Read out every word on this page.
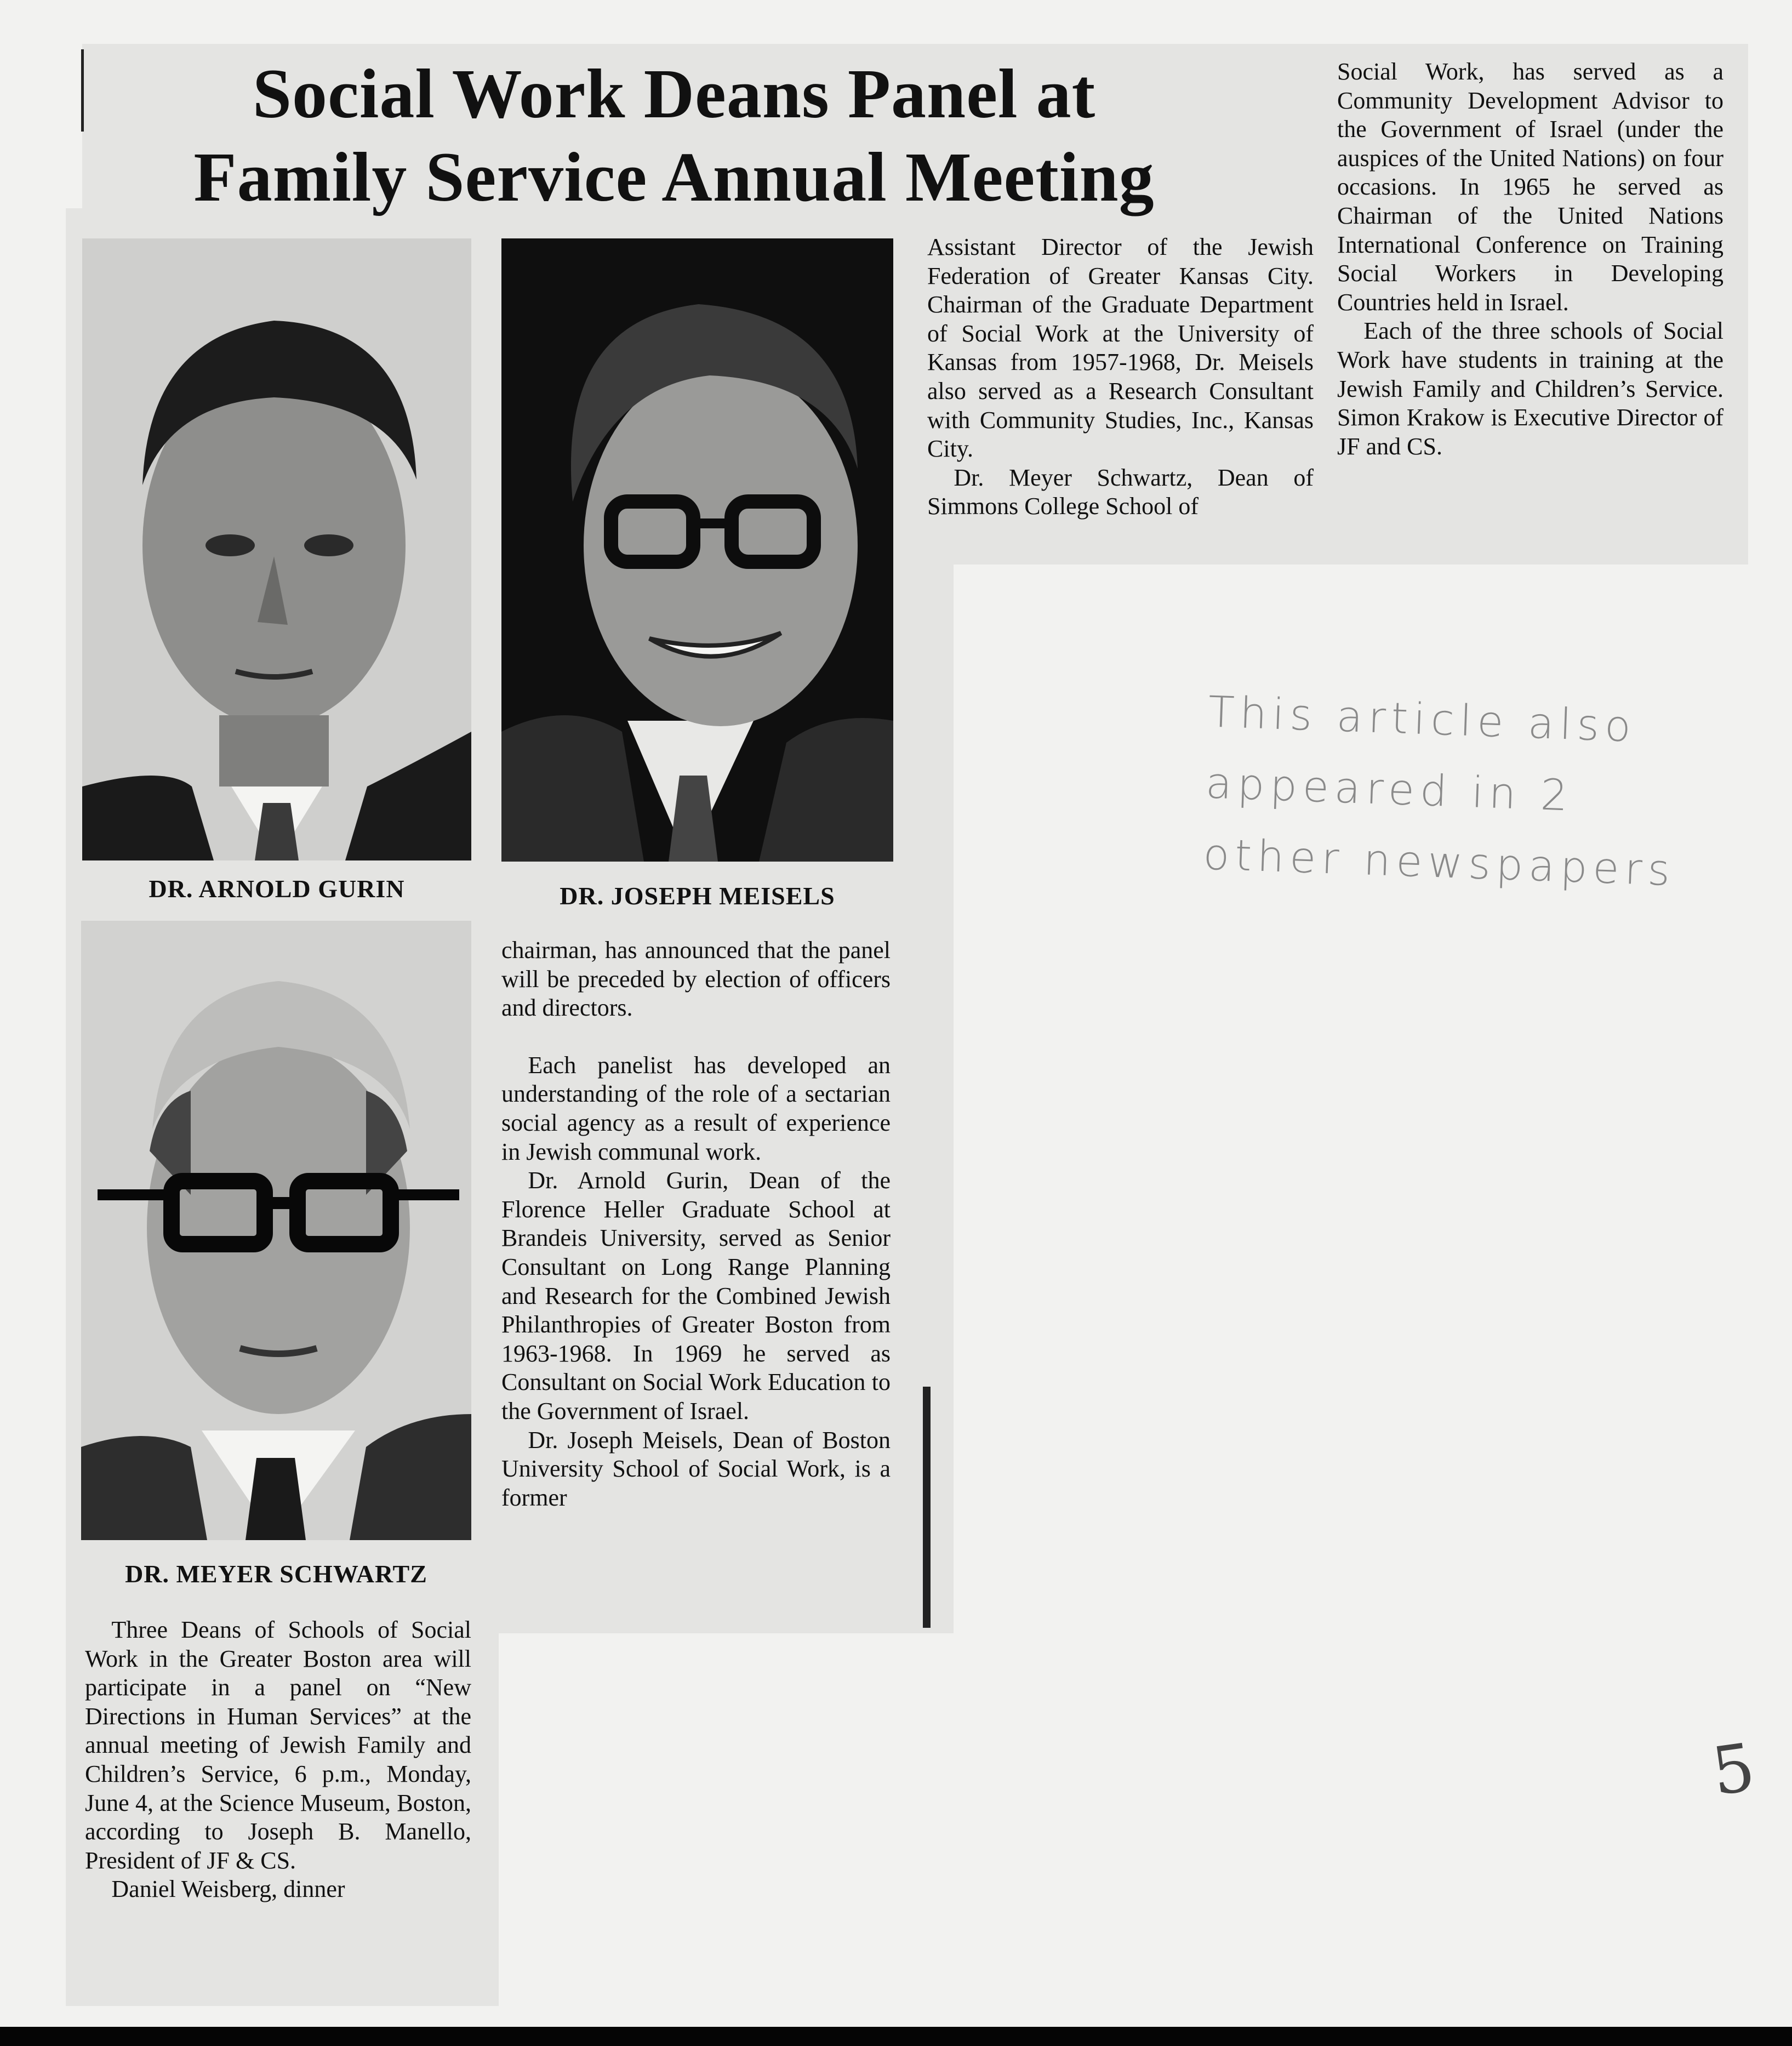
Social Work Deans Panel at
Family Service Annual Meeting
DR. ARNOLD GURIN	DR. JOSEPH MEISELS
DR. MEYER SCHWARTZ

Three Deans of Schools of Social Work in the Greater Boston area will participate in a panel on “New Directions in Human Services” at the annual meeting of Jewish Family and Children’s Service, 6 p.m., Monday, June 4, at the Science Museum, Boston, according to Joseph B. Manello, President of JF & CS.

Daniel Weisberg, dinner

chairman, has announced that the panel will be preceded by election of officers and directors.

Each panelist has developed an understanding of the role of a sectarian social agency as a result of experience in Jewish communal work.

Dr. Arnold Gurin, Dean of the Florence Heller Graduate School at Brandeis University, served as Senior Consultant on Long Range Planning and Research for the Combined Jewish Philanthropies of Greater Boston from 1963-1968. In 1969 he served as Consultant on Social Work Education to the Government of Israel.

Dr. Joseph Meisels, Dean of Boston University School of Social Work, is a former

Assistant Director of the Jewish Federation of Greater Kansas City. Chairman of the Graduate Department of Social Work at the University of Kansas from 1957-1968, Dr. Meisels also served as a Research Consultant with Community Studies, Inc., Kansas City.

Dr. Meyer Schwartz, Dean of Simmons College School of

Social Work, has served as a Community Development Advisor to the Government of Israel (under the auspices of the United Nations) on four occasions. In 1965 he served as Chairman of the United Nations International Conference on Training Social Workers in Developing Countries held in Israel.

Each of the three schools of Social Work have students in training at the Jewish Family and Children’s Service. Simon Krakow is Executive Director of JF and CS.

This article also appeared in 2 other newspapers
5
